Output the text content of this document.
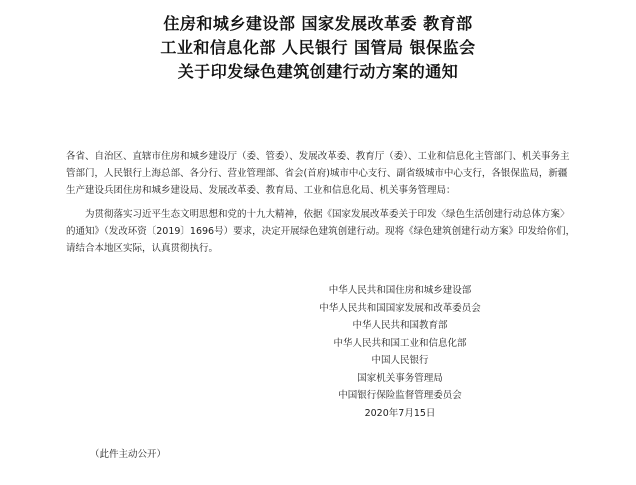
住房和城乡建设部 国家发展改革委 教育部
工业和信息化部 人民银行 国管局 银保监会
关于印发绿色建筑创建行动方案的通知
各省、自治区、直辖市住房和城乡建设厅（委、管委）、发展改革委、教育厅（委）、工业和信息化主管部门、机关事务主管部门，人民银行上海总部、各分行、营业管理部、省会(首府)城市中心支行、副省级城市中心支行，各银保监局，新疆生产建设兵团住房和城乡建设局、发展改革委、教育局、工业和信息化局、机关事务管理局：
为贯彻落实习近平生态文明思想和党的十九大精神，依据《国家发展改革委关于印发〈绿色生活创建行动总体方案〉的通知》（发改环资〔2019〕1696号）要求，决定开展绿色建筑创建行动。现将《绿色建筑创建行动方案》印发给你们，请结合本地区实际，认真贯彻执行。
中华人民共和国住房和城乡建设部
中华人民共和国国家发展和改革委员会
中华人民共和国教育部
中华人民共和国工业和信息化部
中国人民银行
国家机关事务管理局
中国银行保险监督管理委员会
2020年7月15日
（此件主动公开）
